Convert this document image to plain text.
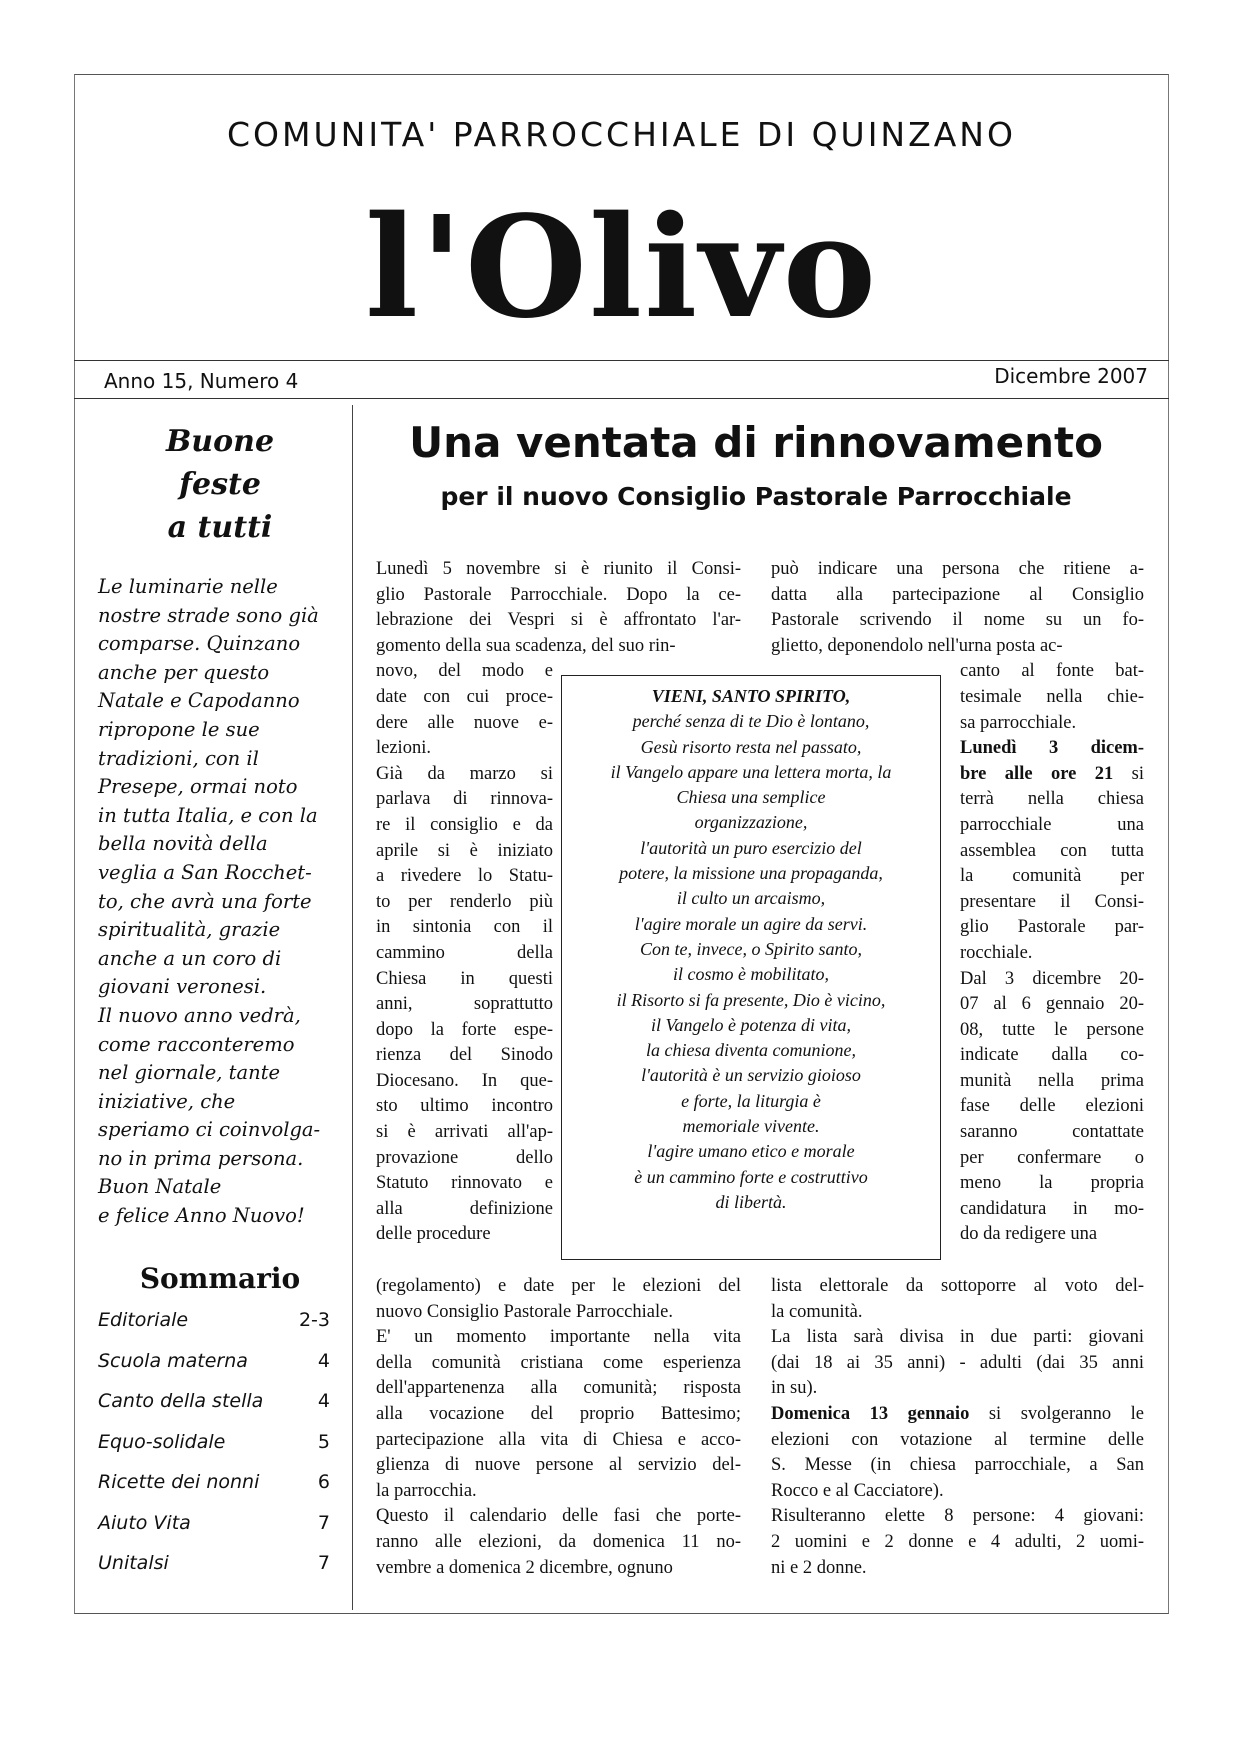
COMUNITA' PARROCCHIALE DI QUINZANO
l'Olivo
Anno 15, Numero 4	Dicembre 2007
Buone
feste
a tutti
Le luminarie nelle
nostre strade sono già
comparse. Quinzano
anche per questo
Natale e Capodanno
ripropone le sue
tradizioni, con il
Presepe, ormai noto
in tutta Italia, e con la
bella novità della
veglia a San Rocchet-
to, che avrà una forte
spiritualità, grazie
anche a un coro di
giovani veronesi.
Il nuovo anno vedrà,
come racconteremo
nel giornale, tante
iniziative, che
speriamo ci coinvolga-
no in prima persona.
Buon Natale
e felice Anno Nuovo!
Sommario
Editoriale	2-3
Scuola materna	4
Canto della stella	4
Equo-solidale	5
Ricette dei nonni	6
Aiuto Vita	7
Unitalsi	7
Una ventata di rinnovamento
per il nuovo Consiglio Pastorale Parrocchiale
Lunedì 5 novembre si è riunito il Consi-
glio Pastorale Parrocchiale. Dopo la ce-
lebrazione dei Vespri si è affrontato l'ar-
gomento della sua scadenza, del suo rin-
novo, del modo e
date con cui proce-
dere alle nuove e-
lezioni.
Già da marzo si
parlava di rinnova-
re il consiglio e da
aprile si è iniziato
a rivedere lo Statu-
to per renderlo più
in sintonia con il
cammino della
Chiesa in questi
anni, soprattutto
dopo la forte espe-
rienza del Sinodo
Diocesano. In que-
sto ultimo incontro
si è arrivati all'ap-
provazione dello
Statuto rinnovato e
alla definizione
delle procedure
(regolamento) e date per le elezioni del
nuovo Consiglio Pastorale Parrocchiale.
E' un momento importante nella vita
della comunità cristiana come esperienza
dell'appartenenza alla comunità; risposta
alla vocazione del proprio Battesimo;
partecipazione alla vita di Chiesa e acco-
glienza di nuove persone al servizio del-
la parrocchia.
Questo il calendario delle fasi che porte-
ranno alle elezioni, da domenica 11 no-
vembre a domenica 2 dicembre, ognuno
può indicare una persona che ritiene a-
datta alla partecipazione al Consiglio
Pastorale scrivendo il nome su un fo-
glietto, deponendolo nell'urna posta ac-
canto al fonte bat-
tesimale nella chie-
sa parrocchiale.
Lunedì 3 dicem-
bre alle ore 21 si
terrà nella chiesa
parrocchiale una
assemblea con tutta
la comunità per
presentare il Consi-
glio Pastorale par-
rocchiale.
Dal 3 dicembre 20-
07 al 6 gennaio 20-
08, tutte le persone
indicate dalla co-
munità nella prima
fase delle elezioni
saranno contattate
per confermare o
meno la propria
candidatura in mo-
do da redigere una
lista elettorale da sottoporre al voto del-
la comunità.
La lista sarà divisa in due parti: giovani
(dai 18 ai 35 anni) - adulti (dai 35 anni
in su).
Domenica 13 gennaio si svolgeranno le
elezioni con votazione al termine delle
S. Messe (in chiesa parrocchiale, a San
Rocco e al Cacciatore).
Risulteranno elette 8 persone: 4 giovani:
2 uomini e 2 donne e 4 adulti, 2 uomi-
ni e 2 donne.
VIENI, SANTO SPIRITO,
perché senza di te Dio è lontano,
Gesù risorto resta nel passato,
il Vangelo appare una lettera morta, la
Chiesa una semplice
organizzazione,
l'autorità un puro esercizio del
potere, la missione una propaganda,
il culto un arcaismo,
l'agire morale un agire da servi.
Con te, invece, o Spirito santo,
il cosmo è mobilitato,
il Risorto si fa presente, Dio è vicino,
il Vangelo è potenza di vita,
la chiesa diventa comunione,
l'autorità è un servizio gioioso
e forte, la liturgia è
memoriale vivente.
l'agire umano etico e morale
è un cammino forte e costruttivo
di libertà.
